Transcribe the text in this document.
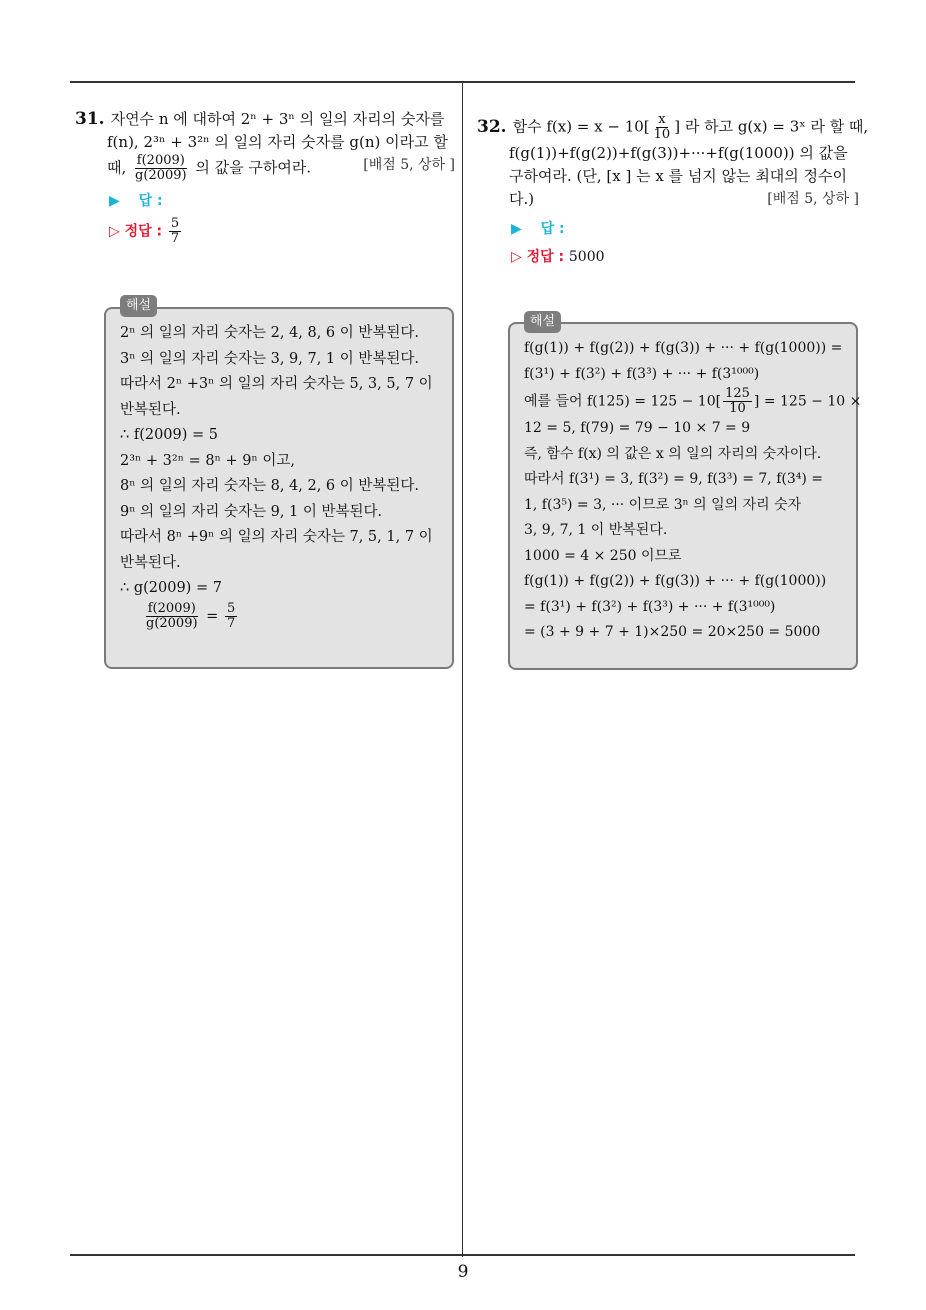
31. 자연수 n 에 대하여 2ⁿ + 3ⁿ 의 일의 자리의 숫자를
f(n), 2³ⁿ + 3²ⁿ 의 일의 자리 숫자를 g(n) 이라고 할
때, $\frac{f(2009)}{g(2009)}$ 의 값을 구하여라.	[배점 5, 상하 ]
▶ 답 :
▷ 정답 : $\frac{5}{7}$
2ⁿ 의 일의 자리 숫자는 2, 4, 8, 6 이 반복된다.
3ⁿ 의 일의 자리 숫자는 3, 9, 7, 1 이 반복된다.
따라서 2ⁿ +3ⁿ 의 일의 자리 숫자는 5, 3, 5, 7 이
반복된다.
∴ f(2009) = 5
2³ⁿ + 3²ⁿ = 8ⁿ + 9ⁿ 이고,
8ⁿ 의 일의 자리 숫자는 8, 4, 2, 6 이 반복된다.
9ⁿ 의 일의 자리 숫자는 9, 1 이 반복된다.
따라서 8ⁿ +9ⁿ 의 일의 자리 숫자는 7, 5, 1, 7 이
반복된다.
∴ g(2009) = 7
$\frac{f(2009)}{g(2009)} = \frac{5}{7}$
해설
32. 함수 $f(x) = x - 10[ \frac{x}{10}$ ] 라 하고 g(x) = 3ˣ 라 할 때,
f(g(1))+f(g(2))+f(g(3))+···+f(g(1000)) 의 값을
구하여라. (단, [x ] 는 x 를 넘지 않는 최대의 정수이
다.)	[배점 5, 상하 ]
▶ 답 :
▷ 정답 : 5000
f(g(1)) + f(g(2)) + f(g(3)) + ··· + f(g(1000)) =
f(3¹) + f(3²) + f(3³) + ··· + f(3¹⁰⁰⁰)
예를 들어 $f(125) = 125 - 10[ \frac{125}{10}$ ] = 125 − 10 ×
12 = 5, f(79) = 79 − 10 × 7 = 9
즉, 함수 f(x) 의 값은 x 의 일의 자리의 숫자이다.
따라서 f(3¹) = 3, f(3²) = 9, f(3³) = 7, f(3⁴) =
1, f(3⁵) = 3, ··· 이므로 3ⁿ 의 일의 자리 숫자
3, 9, 7, 1 이 반복된다.
1000 = 4 × 250 이므로
f(g(1)) + f(g(2)) + f(g(3)) + ··· + f(g(1000))
= f(3¹) + f(3²) + f(3³) + ··· + f(3¹⁰⁰⁰)
= (3 + 9 + 7 + 1)×250 = 20×250 = 5000
해설
9
